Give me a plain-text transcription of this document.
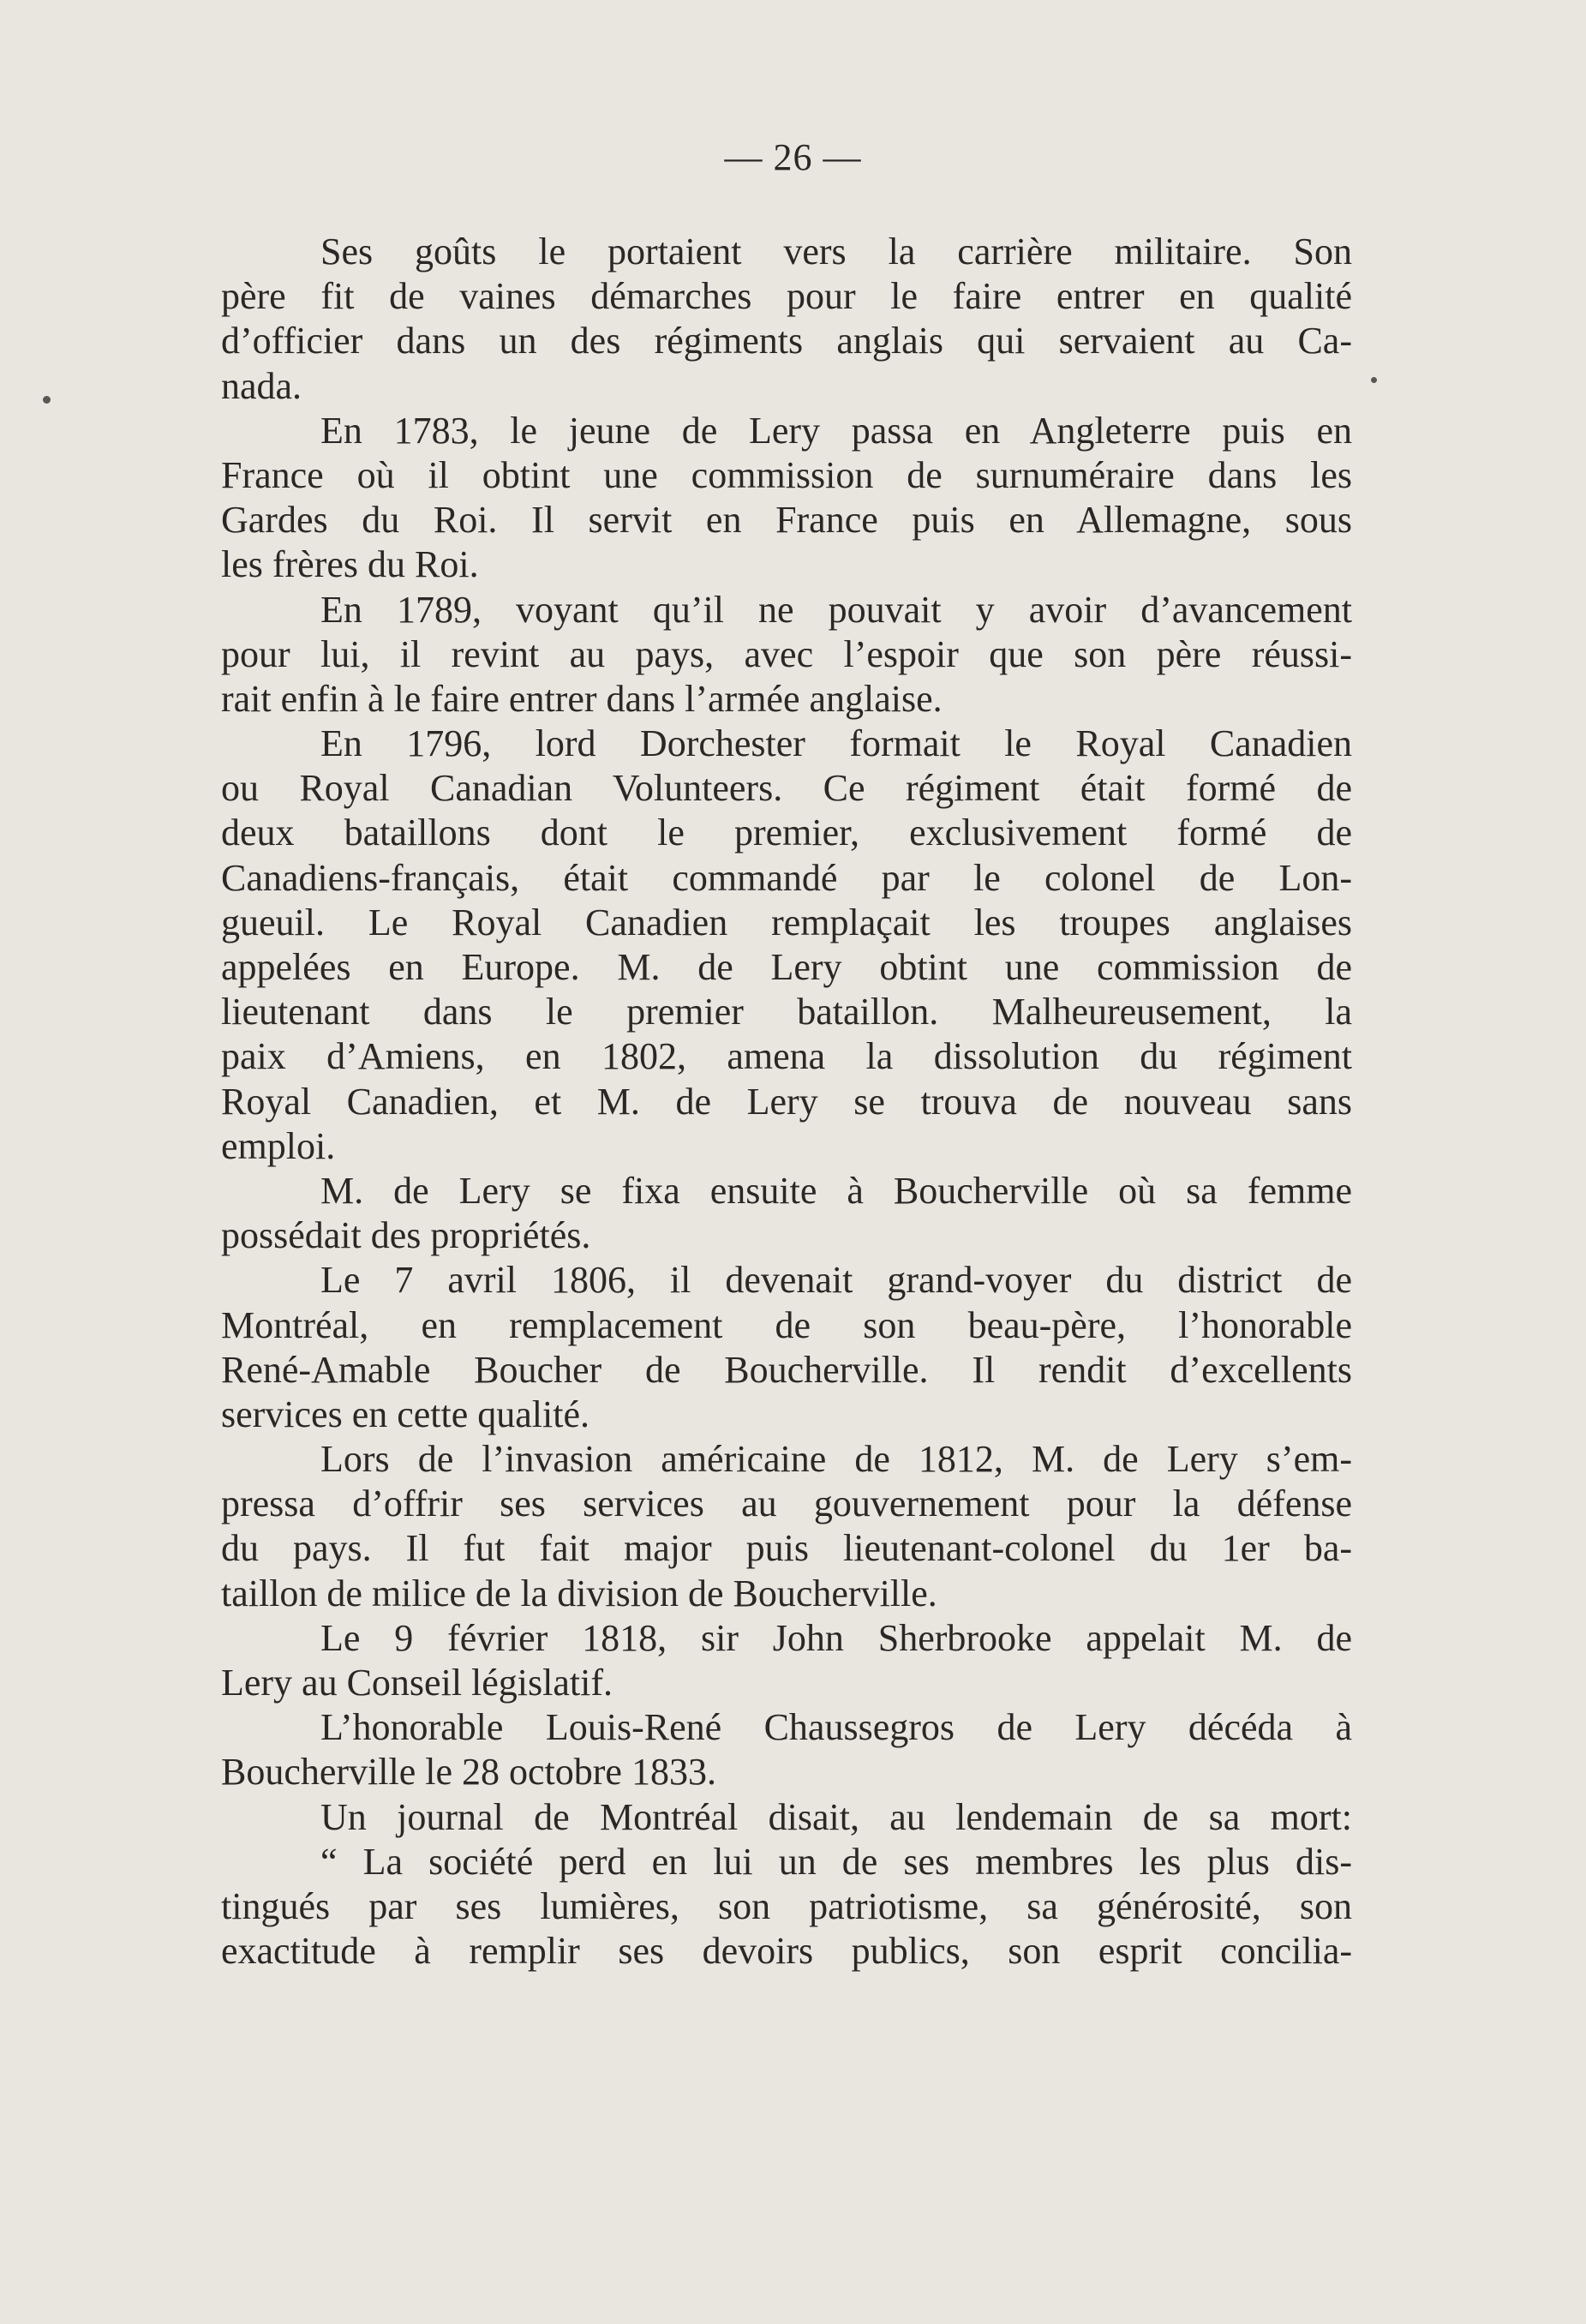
— 26 —
Ses goûts le portaient vers la carrière militaire. Son
père fit de vaines démarches pour le faire entrer en qualité
d’officier dans un des régiments anglais qui servaient au Ca-
nada.
En 1783, le jeune de Lery passa en Angleterre puis en
France où il obtint une commission de surnuméraire dans les
Gardes du Roi. Il servit en France puis en Allemagne, sous
les frères du Roi.
En 1789, voyant qu’il ne pouvait y avoir d’avancement
pour lui, il revint au pays, avec l’espoir que son père réussi-
rait enfin à le faire entrer dans l’armée anglaise.
En 1796, lord Dorchester formait le Royal Canadien
ou Royal Canadian Volunteers. Ce régiment était formé de
deux bataillons dont le premier, exclusivement formé de
Canadiens-français, était commandé par le colonel de Lon-
gueuil. Le Royal Canadien remplaçait les troupes anglaises
appelées en Europe. M. de Lery obtint une commission de
lieutenant dans le premier bataillon. Malheureusement, la
paix d’Amiens, en 1802, amena la dissolution du régiment
Royal Canadien, et M. de Lery se trouva de nouveau sans
emploi.
M. de Lery se fixa ensuite à Boucherville où sa femme
possédait des propriétés.
Le 7 avril 1806, il devenait grand-voyer du district de
Montréal, en remplacement de son beau-père, l’honorable
René-Amable Boucher de Boucherville. Il rendit d’excellents
services en cette qualité.
Lors de l’invasion américaine de 1812, M. de Lery s’em-
pressa d’offrir ses services au gouvernement pour la défense
du pays. Il fut fait major puis lieutenant-colonel du 1er ba-
taillon de milice de la division de Boucherville.
Le 9 février 1818, sir John Sherbrooke appelait M. de
Lery au Conseil législatif.
L’honorable Louis-René Chaussegros de Lery décéda à
Boucherville le 28 octobre 1833.
Un journal de Montréal disait, au lendemain de sa mort:
“ La société perd en lui un de ses membres les plus dis-
tingués par ses lumières, son patriotisme, sa générosité, son
exactitude à remplir ses devoirs publics, son esprit concilia-
